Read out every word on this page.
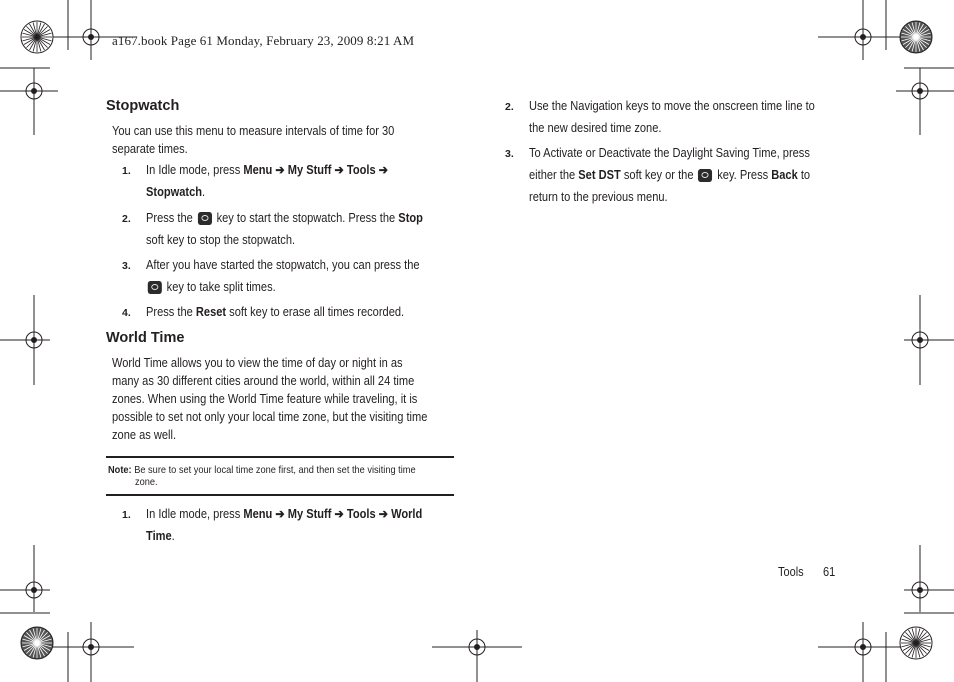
a167.book Page 61 Monday, February 23, 2009 8:21 AM
Stopwatch
You can use this menu to measure intervals of time for 30
separate times.
1. In Idle mode, press Menu ➔ My Stuff ➔ Tools ➔
Stopwatch.
2. Press the  key to start the stopwatch. Press the Stop
soft key to stop the stopwatch.
3. After you have started the stopwatch, you can press the
key to take split times.
4. Press the Reset soft key to erase all times recorded.
World Time
World Time allows you to view the time of day or night in as
many as 30 different cities around the world, within all 24 time
zones. When using the World Time feature while traveling, it is
possible to set not only your local time zone, but the visiting time
zone as well.
Note: Be sure to set your local time zone first, and then set the visiting time
zone.
1. In Idle mode, press Menu ➔ My Stuff ➔ Tools ➔ World
Time.
2. Use the Navigation keys to move the onscreen time line to
the new desired time zone.
3. To Activate or Deactivate the Daylight Saving Time, press
either the Set DST soft key or the  key. Press Back to
return to the previous menu.
Tools 61
